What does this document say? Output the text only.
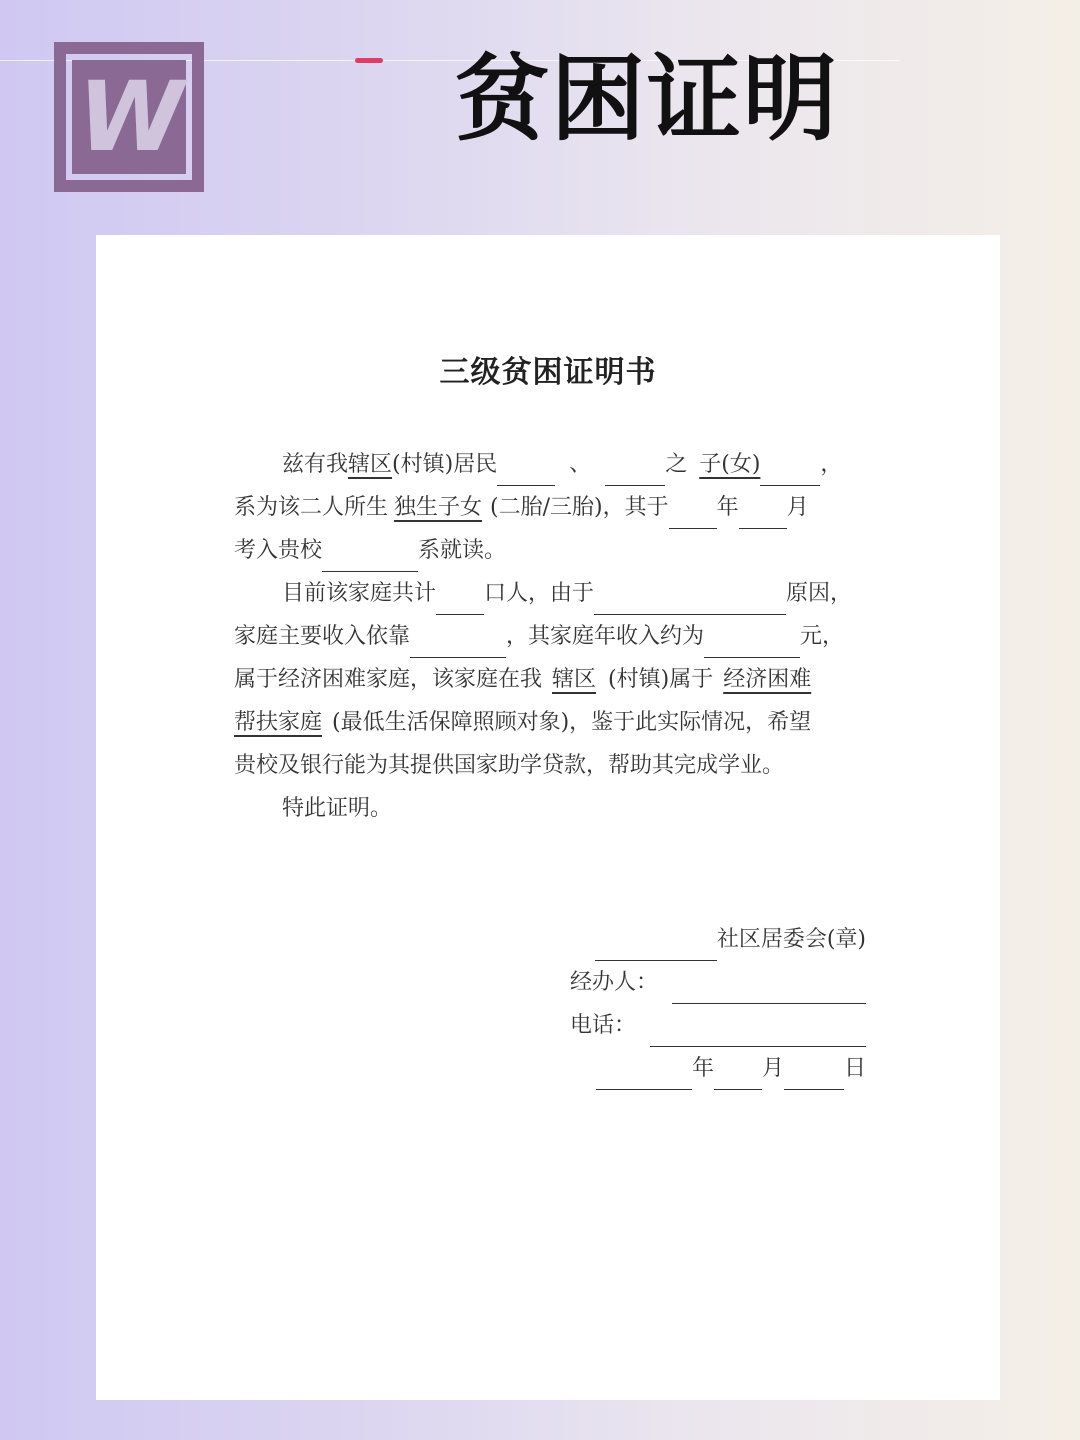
W	贫困证明
三级贫困证明书
兹有我辖区(村镇)居民	、	之 子(女)	，
系为该二人所生 独生子女 (二胎/三胎)，其于 年 月
考入贵校	系就读。
目前该家庭共计 口人，由于	原因，
家庭主要收入依靠	，其家庭年收入约为	元，
属于经济困难家庭，该家庭在我 辖区 (村镇)属于 经济困难
帮扶家庭 (最低生活保障照顾对象)，鉴于此实际情况，希望
贵校及银行能为其提供国家助学贷款，帮助其完成学业。
特此证明。
社区居委会(章)
经办人：
电话：
年 月	日
